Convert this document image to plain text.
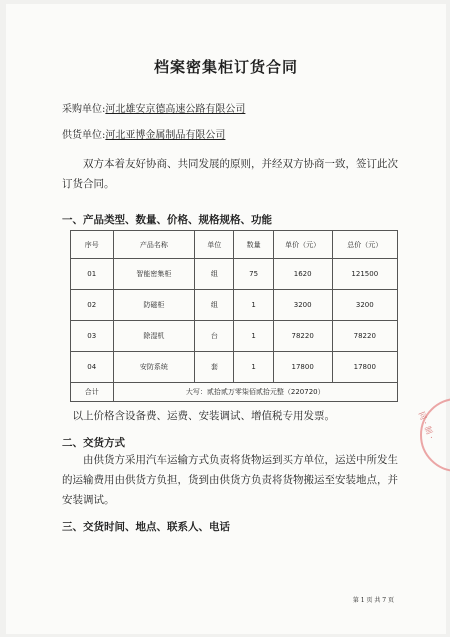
档案密集柜订货合同
采购单位:河北雄安京德高速公路有限公司
供货单位:河北亚博金属制品有限公司
双方本着友好协商、共同发展的原则，并经双方协商一致，签订此次订货合同。
一、产品类型、数量、价格、规格规格、功能
序号	产品名称	单位	数量	单价（元）	总价（元）
01	智能密集柜	组	75	1620	121500
02	防磁柜	组	1	3200	3200
03	除湿机	台	1	78220	78220
04	安防系统	套	1	17800	17800
合计	大写：贰拾贰万零柒佰贰拾元整（220720）				
以上价格含设备费、运费、安装调试、增值税专用发票。
二、交货方式
由供货方采用汽车运输方式负责将货物运到买方单位，运送中所发生的运输费用由供货方负担，货到由供货方负责将货物搬运至安装地点，并安装调试。
三、交货时间、地点、联系人、电话
第 1 页 共 7 页
同 · 制 ·
